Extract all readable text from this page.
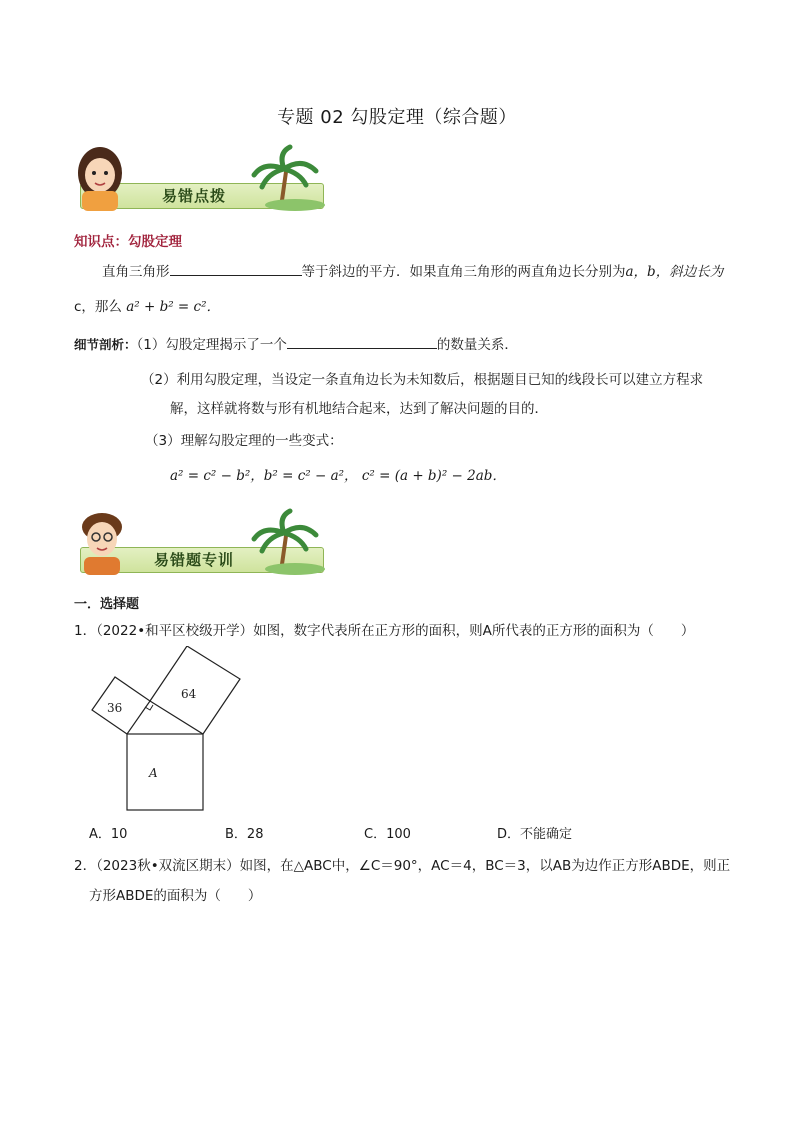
专题 02 勾股定理（综合题）
易错点拨
知识点：勾股定理
直角三角形	等于斜边的平方．如果直角三角形的两直角边长分别为a，b，斜边长为
c，那么 a² + b² = c²．
细节剖析：（1）勾股定理揭示了一个	的数量关系．
（2）利用勾股定理，当设定一条直角边长为未知数后，根据题目已知的线段长可以建立方程求
解，这样就将数与形有机地结合起来，达到了解决问题的目的．
（3）理解勾股定理的一些变式：
a² = c² − b²，b² = c² − a²， c² = (a + b)² − 2ab．
易错题专训
一．选择题
1．（2022•和平区校级开学）如图，数字代表所在正方形的面积，则A所代表的正方形的面积为（　　）
36
64
A
A．10	B．28	C．100	D．不能确定
2．（2023秋•双流区期末）如图，在△ABC中，∠C＝90°，AC＝4，BC＝3，以AB为边作正方形ABDE，则正
方形ABDE的面积为（　　）
